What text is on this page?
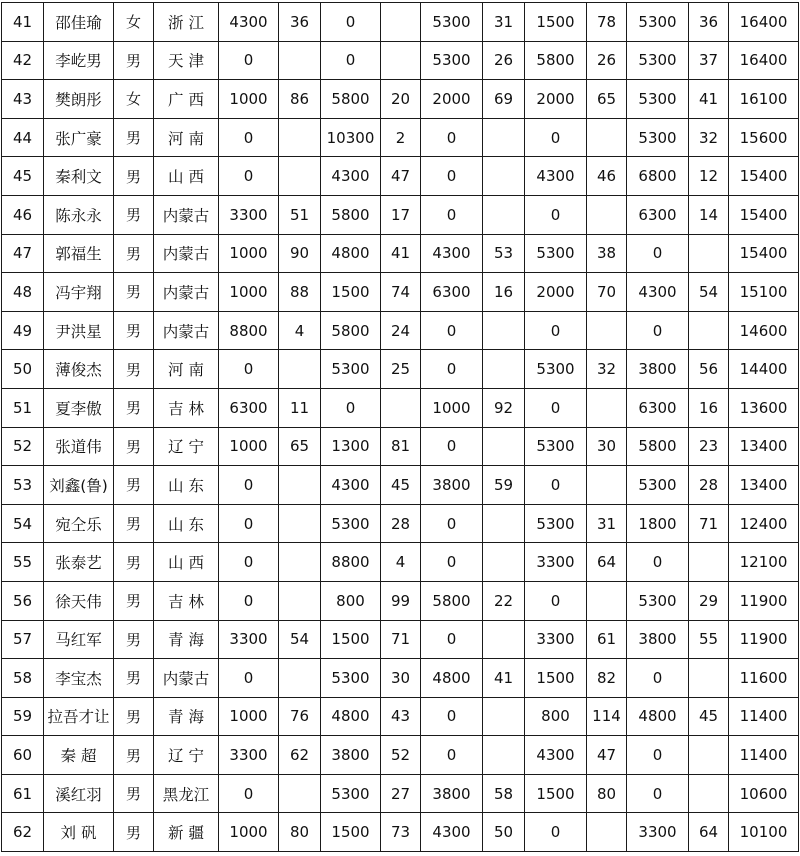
41	邵佳瑜	女	浙 江	4300	36	0		5300	31	1500	78	5300	36	16400
42	李屹男	男	天 津	0		0		5300	26	5800	26	5300	37	16400
43	樊朗彤	女	广 西	1000	86	5800	20	2000	69	2000	65	5300	41	16100
44	张广豪	男	河 南	0		10300	2	0		0		5300	32	15600
45	秦利文	男	山 西	0		4300	47	0		4300	46	6800	12	15400
46	陈永永	男	内蒙古	3300	51	5800	17	0		0		6300	14	15400
47	郭福生	男	内蒙古	1000	90	4800	41	4300	53	5300	38	0		15400
48	冯宇翔	男	内蒙古	1000	88	1500	74	6300	16	2000	70	4300	54	15100
49	尹洪星	男	内蒙古	8800	4	5800	24	0		0		0		14600
50	薄俊杰	男	河 南	0		5300	25	0		5300	32	3800	56	14400
51	夏李傲	男	吉 林	6300	11	0		1000	92	0		6300	16	13600
52	张道伟	男	辽 宁	1000	65	1300	81	0		5300	30	5800	23	13400
53	刘鑫(鲁)	男	山 东	0		4300	45	3800	59	0		5300	28	13400
54	宛仝乐	男	山 东	0		5300	28	0		5300	31	1800	71	12400
55	张泰艺	男	山 西	0		8800	4	0		3300	64	0		12100
56	徐天伟	男	吉 林	0		800	99	5800	22	0		5300	29	11900
57	马红军	男	青 海	3300	54	1500	71	0		3300	61	3800	55	11900
58	李宝杰	男	内蒙古	0		5300	30	4800	41	1500	82	0		11600
59	拉吾才让	男	青 海	1000	76	4800	43	0		800	114	4800	45	11400
60	秦 超	男	辽 宁	3300	62	3800	52	0		4300	47	0		11400
61	溪红羽	男	黑龙江	0		5300	27	3800	58	1500	80	0		10600
62	刘 矾	男	新 疆	1000	80	1500	73	4300	50	0		3300	64	10100
